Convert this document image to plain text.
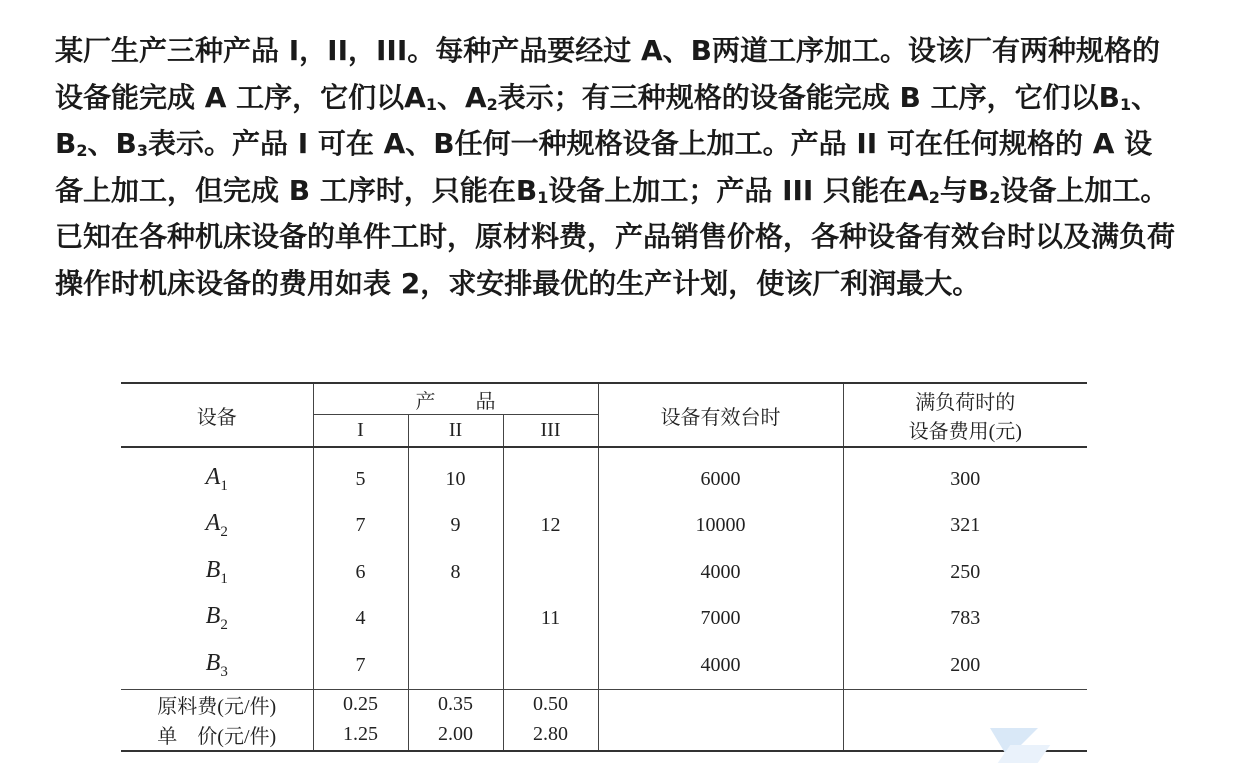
某厂生产三种产品 I，II，III。每种产品要经过 A、B两道工序加工。设该厂有两种规格的设备能完成 A 工序，它们以$A_1$、$A_2$表示；有三种规格的设备能完成 B 工序，它们以$B_1$、$B_2$、$B_3$表示。产品 I 可在 A、B任何一种规格设备上加工。产品 II 可在任何规格的 A 设备上加工，但完成 B 工序时，只能在$B_1$设备上加工；产品 III 只能在$A_2$与$B_2$设备上加工。已知在各种机床设备的单件工时，原材料费，产品销售价格，各种设备有效台时以及满负荷操作时机床设备的费用如表 2，求安排最优的生产计划，使该厂利润最大。
设备	产　　品			设备有效台时	满负荷时的
设备费用(元)

	I	II	III		

$A_1$	5	10		6000	300
$A_2$	7	9	12	10000	321
$B_1$	6	8		4000	250
$B_2$	4		11	7000	783
$B_3$	7			4000	200
原料费(元/件)	0.25	0.35	0.50		
单　价(元/件)	1.25	2.00	2.80		
